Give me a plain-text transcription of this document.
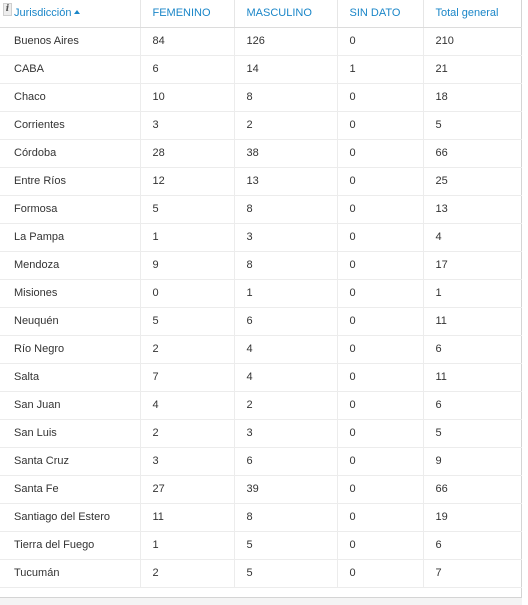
Jurisdicción	FEMENINO	MASCULINO	SIN DATO	Total general
Buenos Aires	84	126	0	210
CABA	6	14	1	21
Chaco	10	8	0	18
Corrientes	3	2	0	5
Córdoba	28	38	0	66
Entre Ríos	12	13	0	25
Formosa	5	8	0	13
La Pampa	1	3	0	4
Mendoza	9	8	0	17
Misiones	0	1	0	1
Neuquén	5	6	0	11
Río Negro	2	4	0	6
Salta	7	4	0	11
San Juan	4	2	0	6
San Luis	2	3	0	5
Santa Cruz	3	6	0	9
Santa Fe	27	39	0	66
Santiago del Estero	11	8	0	19
Tierra del Fuego	1	5	0	6
Tucumán	2	5	0	7
i
